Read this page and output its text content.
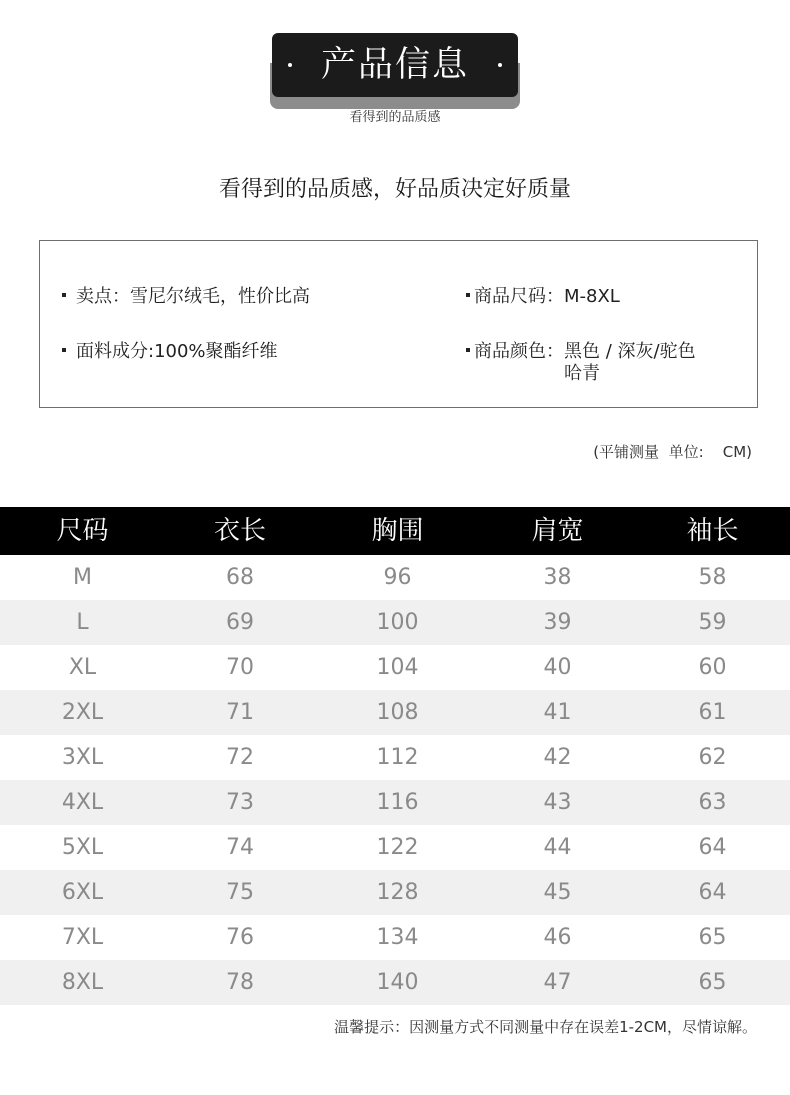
产品信息
看得到的品质感
看得到的品质感，好品质决定好质量
卖点：雪尼尔绒毛，性价比高
面料成分:100%聚酯纤维
商品尺码：M-8XL
商品颜色：黑色 / 深灰/驼色
哈青
(平铺测量  单位:    CM)
尺码	衣长	胸围	肩宽	袖长
M	68	96	38	58
L	69	100	39	59
XL	70	104	40	60
2XL	71	108	41	61
3XL	72	112	42	62
4XL	73	116	43	63
5XL	74	122	44	64
6XL	75	128	45	64
7XL	76	134	46	65
8XL	78	140	47	65
温馨提示：因测量方式不同测量中存在误差1-2CM，尽情谅解。
